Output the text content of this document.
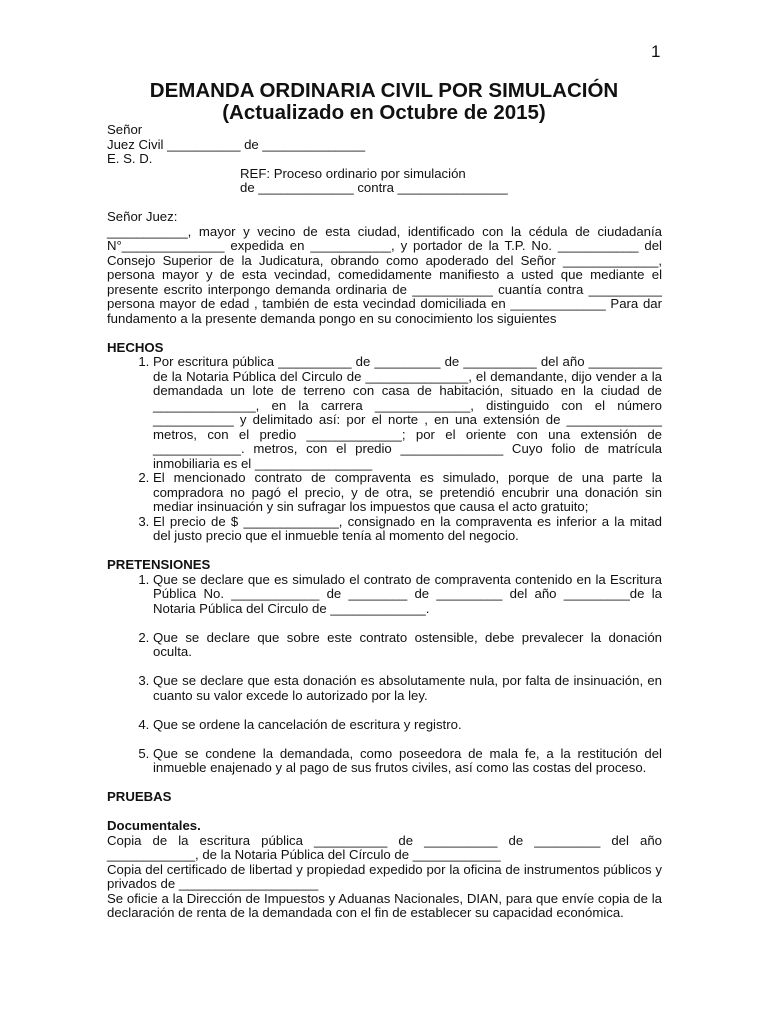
1
DEMANDA ORDINARIA CIVIL POR SIMULACIÓN
(Actualizado en Octubre de 2015)

Señor

Juez Civil __________ de ______________

E. S. D.

REF: Proceso ordinario por simulación

de _____________ contra _______________

Señor Juez:

___________, mayor y vecino de esta ciudad, identificado con la cédula de ciudadanía N°______________ expedida en ___________, y portador de la T.P. No. ___________ del Consejo Superior de la Judicatura, obrando como apoderado del Señor _____________, persona mayor y de esta vecindad, comedidamente manifiesto a usted que mediante el presente escrito interpongo demanda ordinaria de ___________ cuantía contra __________ persona mayor de edad , también de esta vecindad domiciliada en _____________ Para dar fundamento a la presente demanda pongo en su conocimiento los siguientes

HECHOS

1. Por escritura pública __________ de _________ de __________ del año __________ de la Notaria Pública del Circulo de ______________, el demandante, dijo vender a la demandada un lote de terreno con casa de habitación, situado en la ciudad de ______________, en la carrera _____________, distinguido con el número ___________ y delimitado así: por el norte , en una extensión de _____________ metros, con el predio _____________; por el oriente con una extensión de ____________. metros, con el predio ______________ Cuyo folio de matrícula inmobiliaria es el ________________
2. El mencionado contrato de compraventa es simulado, porque de una parte la compradora no pagó el precio, y de otra, se pretendió encubrir una donación sin mediar insinuación y sin sufragar los impuestos que causa el acto gratuito;
3. El precio de $ _____________, consignado en la compraventa es inferior a la mitad del justo precio que el inmueble tenía al momento del negocio.

PRETENSIONES

1. Que se declare que es simulado el contrato de compraventa contenido en la Escritura Pública No. ____________ de ________ de _________ del año _________de la Notaria Pública del Circulo de _____________.
2. Que se declare que sobre este contrato ostensible, debe prevalecer la donación oculta.
3. Que se declare que esta donación es absolutamente nula, por falta de insinuación, en cuanto su valor excede lo autorizado por la ley.
4. Que se ordene la cancelación de escritura y registro.
5. Que se condene la demandada, como poseedora de mala fe, a la restitución del inmueble enajenado y al pago de sus frutos civiles, así como las costas del proceso.

PRUEBAS

Documentales.

Copia de la escritura pública __________ de __________ de _________ del año ____________, de la Notaria Pública del Círculo de ____________

Copia del certificado de libertad y propiedad expedido por la oficina de instrumentos públicos y privados de ___________________

Se oficie a la Dirección de Impuestos y Aduanas Nacionales, DIAN, para que envíe copia de la declaración de renta de la demandada con el fin de establecer su capacidad económica.
